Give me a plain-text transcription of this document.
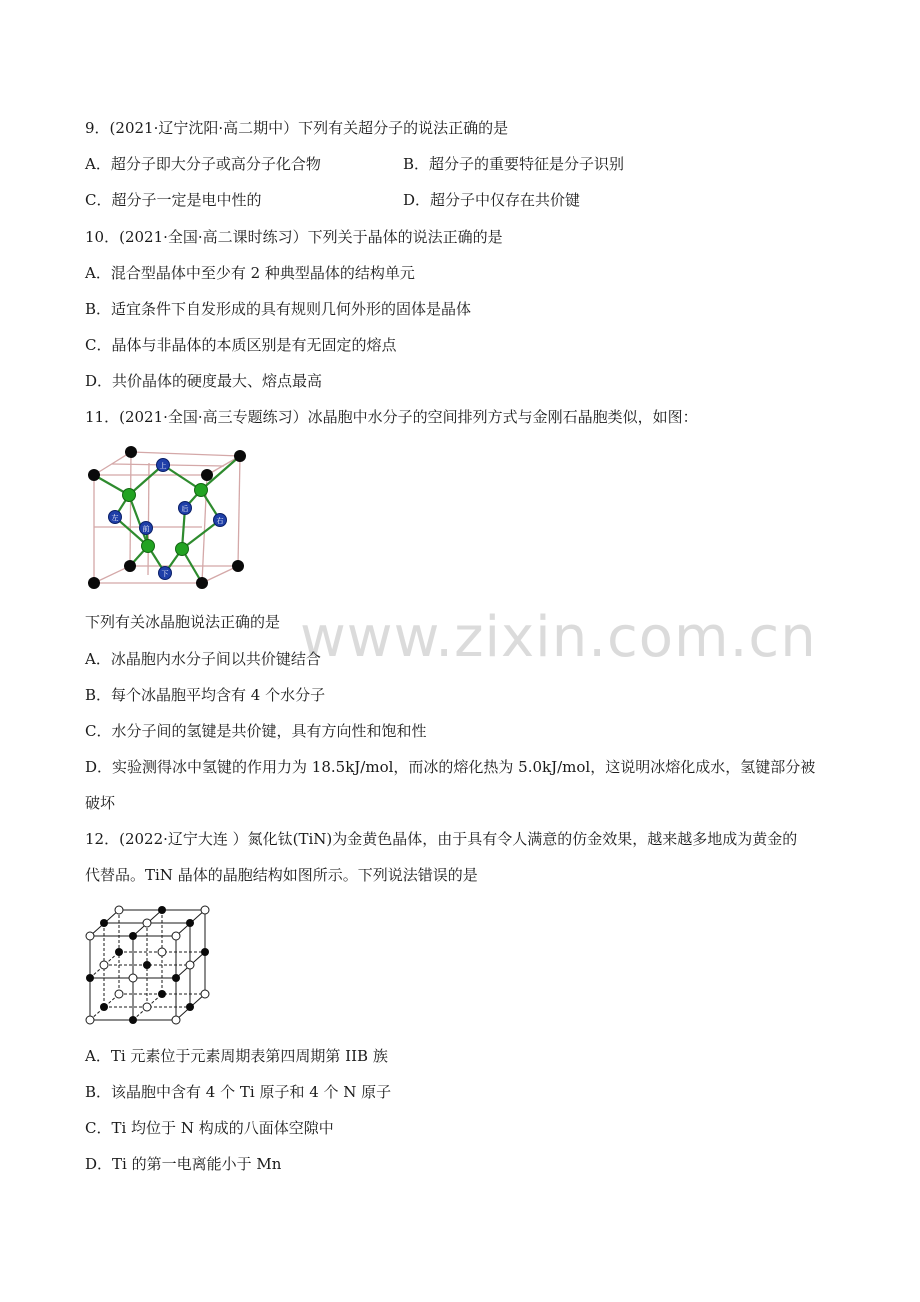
www.zixin.com.cn
9．(2021·辽宁沈阳·高二期中）下列有关超分子的说法正确的是
A．超分子即大分子或高分子化合物	B．超分子的重要特征是分子识别
C．超分子一定是电中性的	D．超分子中仅存在共价键
10．(2021·全国·高二课时练习）下列关于晶体的说法正确的是
A．混合型晶体中至少有 2 种典型晶体的结构单元
B．适宜条件下自发形成的具有规则几何外形的固体是晶体
C．晶体与非晶体的本质区别是有无固定的熔点
D．共价晶体的硬度最大、熔点最高
11．(2021·全国·高三专题练习）冰晶胞中水分子的空间排列方式与金刚石晶胞类似，如图：
上
左
前
后
右
下
下列有关冰晶胞说法正确的是
A．冰晶胞内水分子间以共价键结合
B．每个冰晶胞平均含有 4 个水分子
C．水分子间的氢键是共价键，具有方向性和饱和性
D．实验测得冰中氢键的作用力为 18.5kJ/mol，而冰的熔化热为 5.0kJ/mol，这说明冰熔化成水，氢键部分被
破坏
12．(2022·辽宁大连 ）氮化钛(TiN)为金黄色晶体，由于具有令人满意的仿金效果，越来越多地成为黄金的
代替品。TiN 晶体的晶胞结构如图所示。下列说法错误的是
A．Ti 元素位于元素周期表第四周期第 IIB 族
B．该晶胞中含有 4 个 Ti 原子和 4 个 N 原子
C．Ti 均位于 N 构成的八面体空隙中
D．Ti 的第一电离能小于 Mn
